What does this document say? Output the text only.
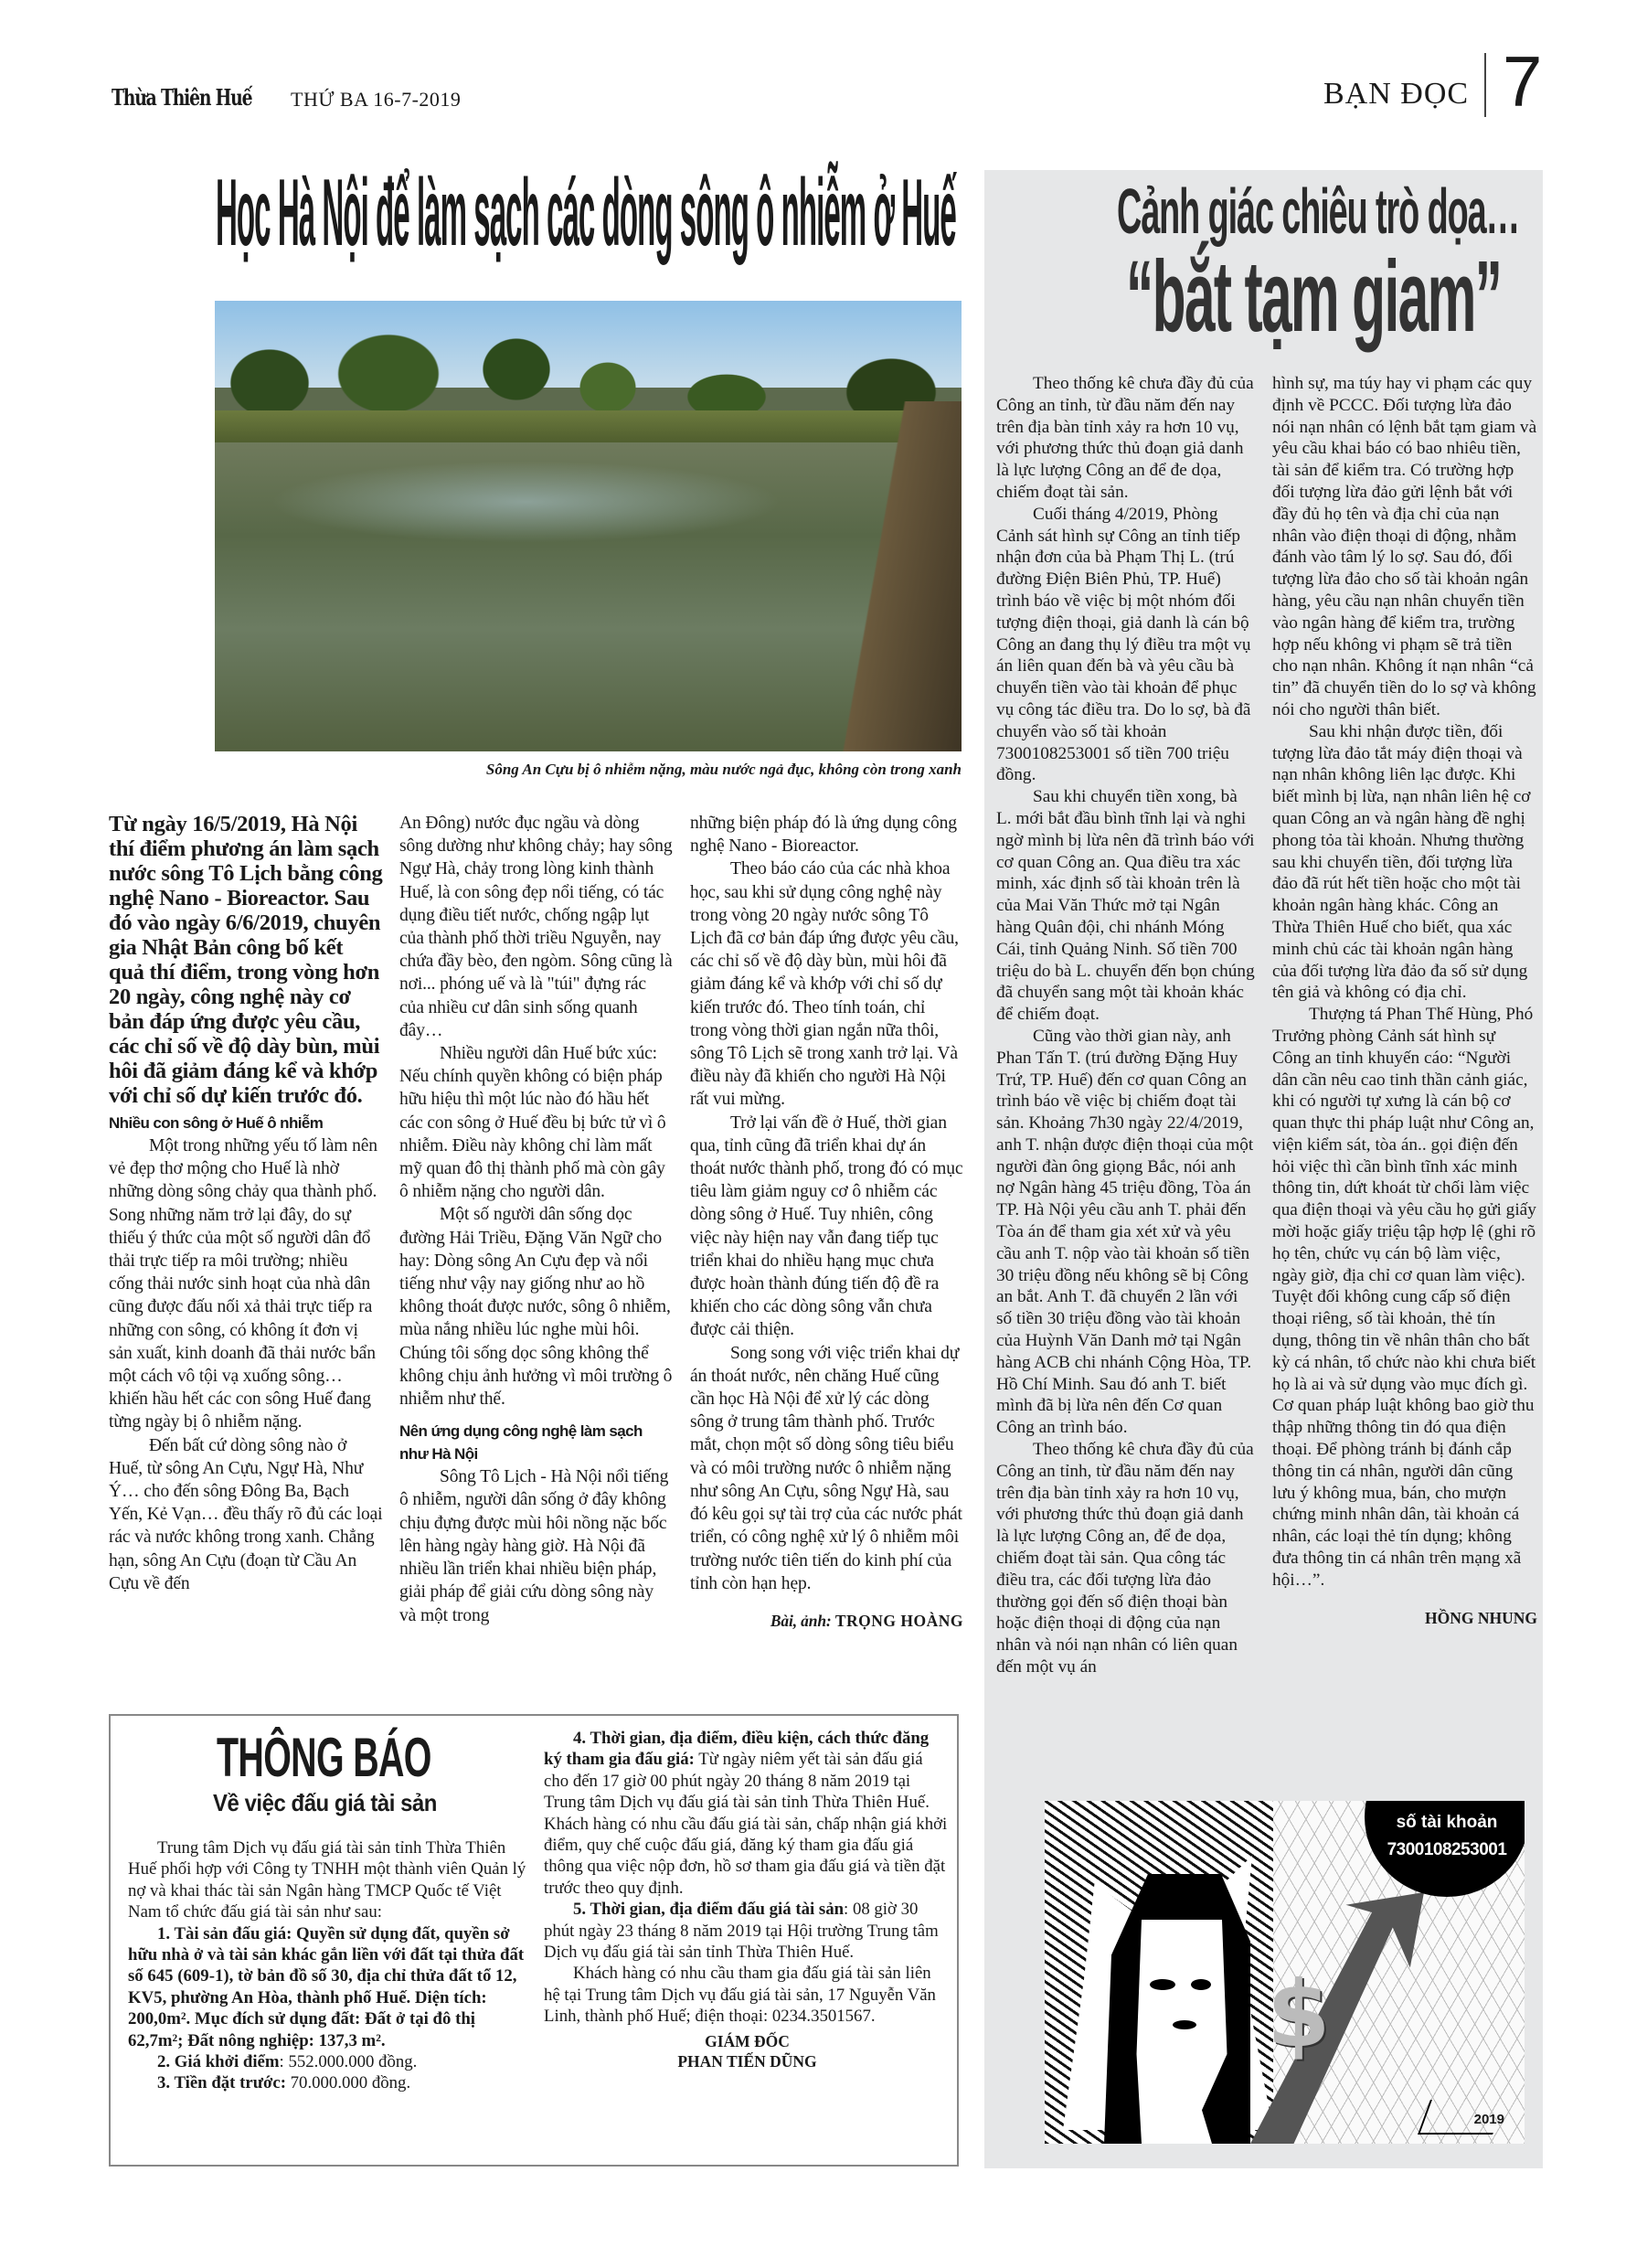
Thừa Thiên Huế THỨ BA 16-7-2019	BẠN ĐỌC 7
Học Hà Nội để làm sạch các dòng sông ô nhiễm ở Huế
Sông An Cựu bị ô nhiễm nặng, màu nước ngả đục, không còn trong xanh

Từ ngày 16/5/2019, Hà Nội thí điểm phương án làm sạch nước sông Tô Lịch bằng công nghệ Nano - Bioreactor. Sau đó vào ngày 6/6/2019, chuyên gia Nhật Bản công bố kết quả thí điểm, trong vòng hơn 20 ngày, công nghệ này cơ bản đáp ứng được yêu cầu, các chỉ số về độ dày bùn, mùi hôi đã giảm đáng kể và khớp với chỉ số dự kiến trước đó.

Nhiều con sông ở Huế ô nhiễm

Một trong những yếu tố làm nên vẻ đẹp thơ mộng cho Huế là nhờ những dòng sông chảy qua thành phố. Song những năm trở lại đây, do sự thiếu ý thức của một số người dân đổ thải trực tiếp ra môi trường; nhiều cống thải nước sinh hoạt của nhà dân cũng được đấu nối xả thải trực tiếp ra những con sông, có không ít đơn vị sản xuất, kinh doanh đã thải nước bẩn một cách vô tội vạ xuống sông… khiến hầu hết các con sông Huế đang từng ngày bị ô nhiễm nặng.

Đến bất cứ dòng sông nào ở Huế, từ sông An Cựu, Ngự Hà, Như Ý… cho đến sông Đông Ba, Bạch Yến, Kẻ Vạn… đều thấy rõ đủ các loại rác và nước không trong xanh. Chẳng hạn, sông An Cựu (đoạn từ Cầu An Cựu về đến

An Đông) nước đục ngầu và dòng sông dường như không chảy; hay sông Ngự Hà, chảy trong lòng kinh thành Huế, là con sông đẹp nổi tiếng, có tác dụng điều tiết nước, chống ngập lụt của thành phố thời triều Nguyễn, nay chứa đầy bèo, đen ngòm. Sông cũng là nơi... phóng uế và là "túi" đựng rác của nhiều cư dân sinh sống quanh đây…

Nhiều người dân Huế bức xúc: Nếu chính quyền không có biện pháp hữu hiệu thì một lúc nào đó hầu hết các con sông ở Huế đều bị bức tử vì ô nhiễm. Điều này không chỉ làm mất mỹ quan đô thị thành phố mà còn gây ô nhiễm nặng cho người dân.

Một số người dân sống dọc đường Hải Triều, Đặng Văn Ngữ cho hay: Dòng sông An Cựu đẹp và nổi tiếng như vậy nay giống như ao hồ không thoát được nước, sông ô nhiễm, mùa nắng nhiều lúc nghe mùi hôi. Chúng tôi sống dọc sông không thể không chịu ảnh hưởng vì môi trường ô nhiễm như thế.

Nên ứng dụng công nghệ làm sạch như Hà Nội

Sông Tô Lịch - Hà Nội nổi tiếng ô nhiễm, người dân sống ở đây không chịu đựng được mùi hôi nồng nặc bốc lên hàng ngày hàng giờ. Hà Nội đã nhiều lần triển khai nhiều biện pháp, giải pháp để giải cứu dòng sông này và một trong

những biện pháp đó là ứng dụng công nghệ Nano - Bioreactor.

Theo báo cáo của các nhà khoa học, sau khi sử dụng công nghệ này trong vòng 20 ngày nước sông Tô Lịch đã cơ bản đáp ứng được yêu cầu, các chỉ số về độ dày bùn, mùi hôi đã giảm đáng kể và khớp với chỉ số dự kiến trước đó. Theo tính toán, chỉ trong vòng thời gian ngắn nữa thôi, sông Tô Lịch sẽ trong xanh trở lại. Và điều này đã khiến cho người Hà Nội rất vui mừng.

Trở lại vấn đề ở Huế, thời gian qua, tỉnh cũng đã triển khai dự án thoát nước thành phố, trong đó có mục tiêu làm giảm nguy cơ ô nhiễm các dòng sông ở Huế. Tuy nhiên, công việc này hiện nay vẫn đang tiếp tục triển khai do nhiều hạng mục chưa được hoàn thành đúng tiến độ đề ra khiến cho các dòng sông vẫn chưa được cải thiện.

Song song với việc triển khai dự án thoát nước, nên chăng Huế cũng cần học Hà Nội để xử lý các dòng sông ở trung tâm thành phố. Trước mắt, chọn một số dòng sông tiêu biểu và có môi trường nước ô nhiễm nặng như sông An Cựu, sông Ngự Hà, sau đó kêu gọi sự tài trợ của các nước phát triển, có công nghệ xử lý ô nhiễm môi trường nước tiên tiến do kinh phí của tỉnh còn hạn hẹp.

Bài, ảnh: TRỌNG HOÀNG
Cảnh giác chiêu trò dọa…
“bắt tạm giam”

Theo thống kê chưa đầy đủ của Công an tỉnh, từ đầu năm đến nay trên địa bàn tỉnh xảy ra hơn 10 vụ, với phương thức thủ đoạn giả danh là lực lượng Công an để đe dọa, chiếm đoạt tài sản.

Cuối tháng 4/2019, Phòng Cảnh sát hình sự Công an tỉnh tiếp nhận đơn của bà Phạm Thị L. (trú đường Điện Biên Phủ, TP. Huế) trình báo về việc bị một nhóm đối tượng điện thoại, giả danh là cán bộ Công an đang thụ lý điều tra một vụ án liên quan đến bà và yêu cầu bà chuyển tiền vào tài khoản để phục vụ công tác điều tra. Do lo sợ, bà đã chuyển vào số tài khoản 7300108253001 số tiền 700 triệu đồng.

Sau khi chuyển tiền xong, bà L. mới bắt đầu bình tĩnh lại và nghi ngờ mình bị lừa nên đã trình báo với cơ quan Công an. Qua điều tra xác minh, xác định số tài khoản trên là của Mai Văn Thức mở tại Ngân hàng Quân đội, chi nhánh Móng Cái, tỉnh Quảng Ninh. Số tiền 700 triệu do bà L. chuyển đến bọn chúng đã chuyển sang một tài khoản khác để chiếm đoạt.

Cũng vào thời gian này, anh Phan Tấn T. (trú đường Đặng Huy Trứ, TP. Huế) đến cơ quan Công an trình báo về việc bị chiếm đoạt tài sản. Khoảng 7h30 ngày 22/4/2019, anh T. nhận được điện thoại của một người đàn ông giọng Bắc, nói anh nợ Ngân hàng 45 triệu đồng, Tòa án TP. Hà Nội yêu cầu anh T. phải đến Tòa án để tham gia xét xử và yêu cầu anh T. nộp vào tài khoản số tiền 30 triệu đồng nếu không sẽ bị Công an bắt. Anh T. đã chuyển 2 lần với số tiền 30 triệu đồng vào tài khoản của Huỳnh Văn Danh mở tại Ngân hàng ACB chi nhánh Cộng Hòa, TP. Hồ Chí Minh. Sau đó anh T. biết mình đã bị lừa nên đến Cơ quan Công an trình báo.

Theo thống kê chưa đầy đủ của Công an tỉnh, từ đầu năm đến nay trên địa bàn tỉnh xảy ra hơn 10 vụ, với phương thức thủ đoạn giả danh là lực lượng Công an, để đe dọa, chiếm đoạt tài sản. Qua công tác điều tra, các đối tượng lừa đảo thường gọi đến số điện thoại bàn hoặc điện thoại di động của nạn nhân và nói nạn nhân có liên quan đến một vụ án

hình sự, ma túy hay vi phạm các quy định về PCCC. Đối tượng lừa đảo nói nạn nhân có lệnh bắt tạm giam và yêu cầu khai báo có bao nhiêu tiền, tài sản để kiểm tra. Có trường hợp đối tượng lừa đảo gửi lệnh bắt với đầy đủ họ tên và địa chỉ của nạn nhân vào điện thoại di động, nhằm đánh vào tâm lý lo sợ. Sau đó, đối tượng lừa đảo cho số tài khoản ngân hàng, yêu cầu nạn nhân chuyển tiền vào ngân hàng để kiểm tra, trường hợp nếu không vi phạm sẽ trả tiền cho nạn nhân. Không ít nạn nhân “cả tin” đã chuyển tiền do lo sợ và không nói cho người thân biết.

Sau khi nhận được tiền, đối tượng lừa đảo tắt máy điện thoại và nạn nhân không liên lạc được. Khi biết mình bị lừa, nạn nhân liên hệ cơ quan Công an và ngân hàng đề nghị phong tỏa tài khoản. Nhưng thường sau khi chuyển tiền, đối tượng lừa đảo đã rút hết tiền hoặc cho một tài khoản ngân hàng khác. Công an Thừa Thiên Huế cho biết, qua xác minh chủ các tài khoản ngân hàng của đối tượng lừa đảo đa số sử dụng tên giả và không có địa chỉ.

Thượng tá Phan Thế Hùng, Phó Trưởng phòng Cảnh sát hình sự Công an tỉnh khuyến cáo: “Người dân cần nêu cao tinh thần cảnh giác, khi có người tự xưng là cán bộ cơ quan thực thi pháp luật như Công an, viện kiểm sát, tòa án.. gọi điện đến hỏi việc thì cần bình tĩnh xác minh thông tin, dứt khoát từ chối làm việc qua điện thoại và yêu cầu họ gửi giấy mời hoặc giấy triệu tập hợp lệ (ghi rõ họ tên, chức vụ cán bộ làm việc, ngày giờ, địa chỉ cơ quan làm việc). Tuyệt đối không cung cấp số điện thoại riêng, số tài khoản, thẻ tín dụng, thông tin về nhân thân cho bất kỳ cá nhân, tổ chức nào khi chưa biết họ là ai và sử dụng vào mục đích gì. Cơ quan pháp luật không bao giờ thu thập những thông tin đó qua điện thoại. Để phòng tránh bị đánh cắp thông tin cá nhân, người dân cũng lưu ý không mua, bán, cho mượn chứng minh nhân dân, tài khoản cá nhân, các loại thẻ tín dụng; không đưa thông tin cá nhân trên mạng xã hội…”.

HỒNG NHUNG
$
số tài khoản
7300108253001
2019
THÔNG BÁO
Về việc đấu giá tài sản

Trung tâm Dịch vụ đấu giá tài sản tỉnh Thừa Thiên Huế phối hợp với Công ty TNHH một thành viên Quản lý nợ và khai thác tài sản Ngân hàng TMCP Quốc tế Việt Nam tổ chức đấu giá tài sản như sau:

1. Tài sản đấu giá: Quyền sử dụng đất, quyền sở hữu nhà ở và tài sản khác gắn liền với đất tại thửa đất số 645 (609-1), tờ bản đồ số 30, địa chỉ thửa đất tổ 12, KV5, phường An Hòa, thành phố Huế. Diện tích: 200,0m². Mục đích sử dụng đất: Đất ở tại đô thị 62,7m²; Đất nông nghiệp: 137,3 m².

2. Giá khởi điểm: 552.000.000 đồng.

3. Tiền đặt trước: 70.000.000 đồng.

4. Thời gian, địa điểm, điều kiện, cách thức đăng ký tham gia đấu giá: Từ ngày niêm yết tài sản đấu giá cho đến 17 giờ 00 phút ngày 20 tháng 8 năm 2019 tại Trung tâm Dịch vụ đấu giá tài sản tỉnh Thừa Thiên Huế. Khách hàng có nhu cầu đấu giá tài sản, chấp nhận giá khởi điểm, quy chế cuộc đấu giá, đăng ký tham gia đấu giá thông qua việc nộp đơn, hồ sơ tham gia đấu giá và tiền đặt trước theo quy định.

5. Thời gian, địa điểm đấu giá tài sản: 08 giờ 30 phút ngày 23 tháng 8 năm 2019 tại Hội trường Trung tâm Dịch vụ đấu giá tài sản tỉnh Thừa Thiên Huế.

Khách hàng có nhu cầu tham gia đấu giá tài sản liên hệ tại Trung tâm Dịch vụ đấu giá tài sản, 17 Nguyễn Văn Linh, thành phố Huế; điện thoại: 0234.3501567.

GIÁM ĐỐC
PHAN TIẾN DŨNG
